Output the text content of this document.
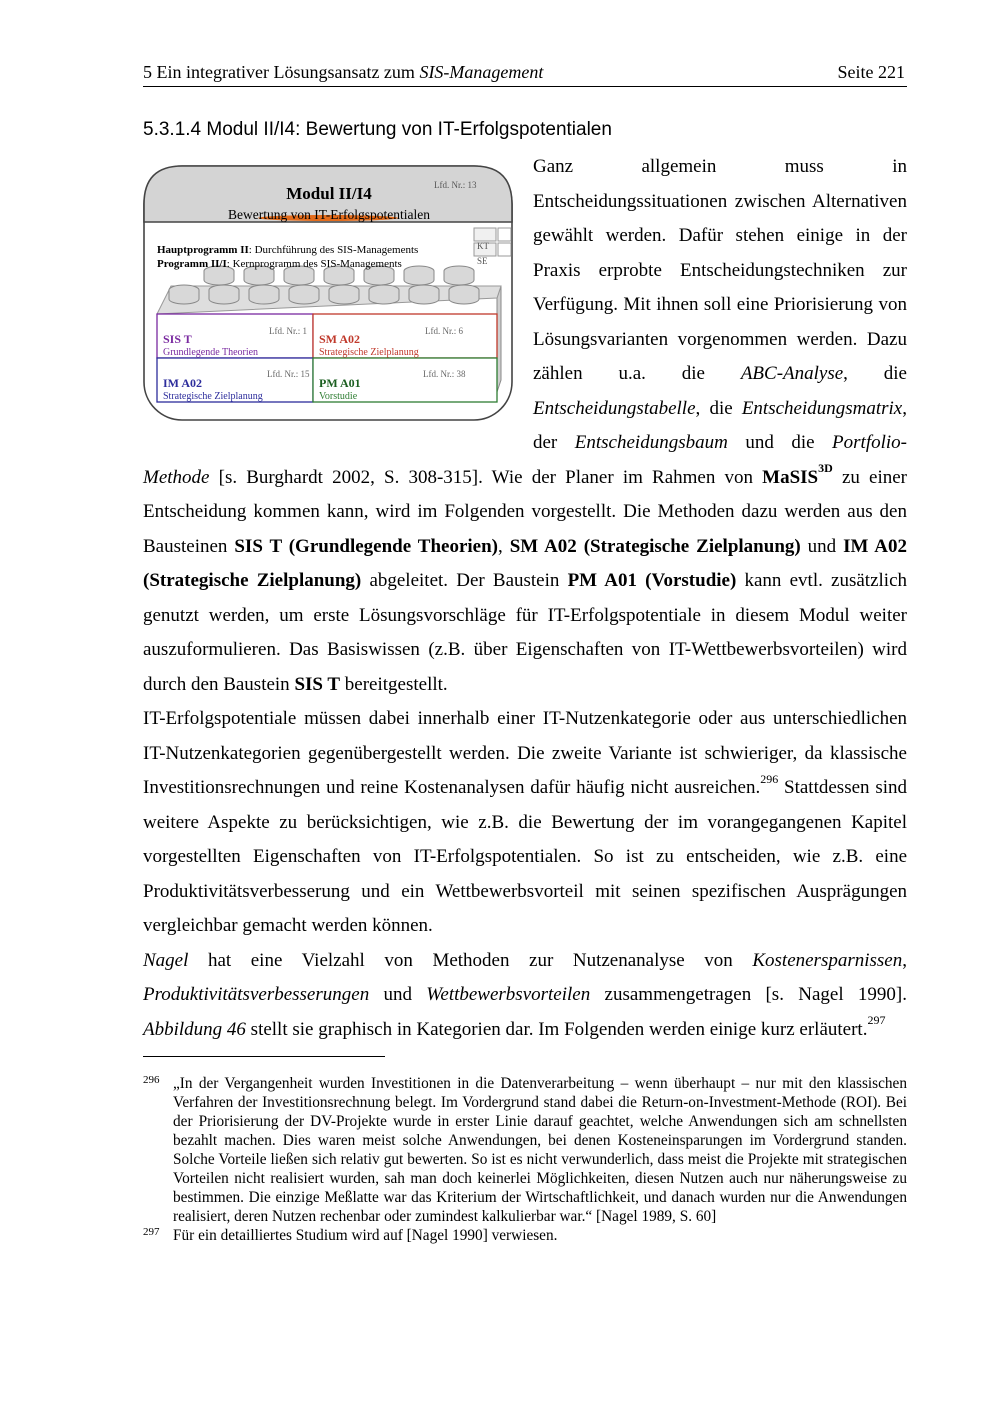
5 Ein integrativer Lösungsansatz zum SIS-Management	Seite 221
5.3.1.4 Modul II/I4: Bewertung von IT-Erfolgspotentialen
Lfd. Nr.: 13
Modul II/I4
Bewertung von IT-Erfolgspotentialen
Hauptprogramm II: Durchführung des SIS-Managements
Programm II/I: Kernprogramm des SIS-Managements
KT
SE
Lfd. Nr.: 1
SIS T
Grundlegende Theorien
Lfd. Nr.: 6
SM A02
Strategische Zielplanung
Lfd. Nr.: 15
IM A02
Strategische Zielplanung
Lfd. Nr.: 38
PM A01
Vorstudie

Ganz allgemein muss in Entscheidungssituationen zwischen Alternativen gewählt werden. Dafür stehen einige in der Praxis erprobte Entscheidungstechniken zur Verfügung. Mit ihnen soll eine Priorisierung von Lösungsvarianten vorgenommen werden. Dazu zählen u.a. die ABC-Analyse, die Entscheidungstabelle, die Entscheidungsmatrix, der Entscheidungsbaum und die Portfolio-Methode [s. Burghardt 2002, S. 308-315]. Wie der Planer im Rahmen von MaSIS$^{3D}$ zu einer Entscheidung kommen kann, wird im Folgenden vorgestellt. Die Methoden dazu werden aus den Bausteinen SIS T (Grundlegende Theorien), SM A02 (Strategische Zielplanung) und IM A02 (Strategische Zielplanung) abgeleitet. Der Baustein PM A01 (Vorstudie) kann evtl. zusätzlich genutzt werden, um erste Lösungsvorschläge für IT-Erfolgspotentiale in diesem Modul weiter auszuformulieren. Das Basiswissen (z.B. über Eigenschaften von IT-Wettbewerbsvorteilen) wird durch den Baustein SIS T bereitgestellt.

IT-Erfolgspotentiale müssen dabei innerhalb einer IT-Nutzenkategorie oder aus unterschiedlichen IT-Nutzenkategorien gegenübergestellt werden. Die zweite Variante ist schwieriger, da klassische Investitionsrechnungen und reine Kostenanalysen dafür häufig nicht ausreichen.$^{296}$ Stattdessen sind weitere Aspekte zu berücksichtigen, wie z.B. die Bewertung der im vorangegangenen Kapitel vorgestellten Eigenschaften von IT-Erfolgspotentialen. So ist zu entscheiden, wie z.B. eine Produktivitätsverbesserung und ein Wettbewerbsvorteil mit seinen spezifischen Ausprägungen vergleichbar gemacht werden können.

Nagel hat eine Vielzahl von Methoden zur Nutzenanalyse von Kostenersparnissen, Produktivitätsverbesserungen und Wettbewerbsvorteilen zusammengetragen [s. Nagel 1990]. Abbildung 46 stellt sie graphisch in Kategorien dar. Im Folgenden werden einige kurz erläutert.$^{297}$

296 „In der Vergangenheit wurden Investitionen in die Datenverarbeitung – wenn überhaupt – nur mit den klassischen Verfahren der Investitionsrechnung belegt. Im Vordergrund stand dabei die Return-on-Investment-Methode (ROI). Bei der Priorisierung der DV-Projekte wurde in erster Linie darauf geachtet, welche Anwendungen sich am schnellsten bezahlt machen. Dies waren meist solche Anwendungen, bei denen Kosteneinsparungen im Vordergrund standen. Solche Vorteile ließen sich relativ gut bewerten. So ist es nicht verwunderlich, dass meist die Projekte mit strategischen Vorteilen nicht realisiert wurden, sah man doch keinerlei Möglichkeiten, diesen Nutzen auch nur näherungsweise zu bestimmen. Die einzige Meßlatte war das Kriterium der Wirtschaftlichkeit, und danach wurden nur die Anwendungen realisiert, deren Nutzen rechenbar oder zumindest kalkulierbar war.“ [Nagel 1989, S. 60]
297 Für ein detailliertes Studium wird auf [Nagel 1990] verwiesen.
